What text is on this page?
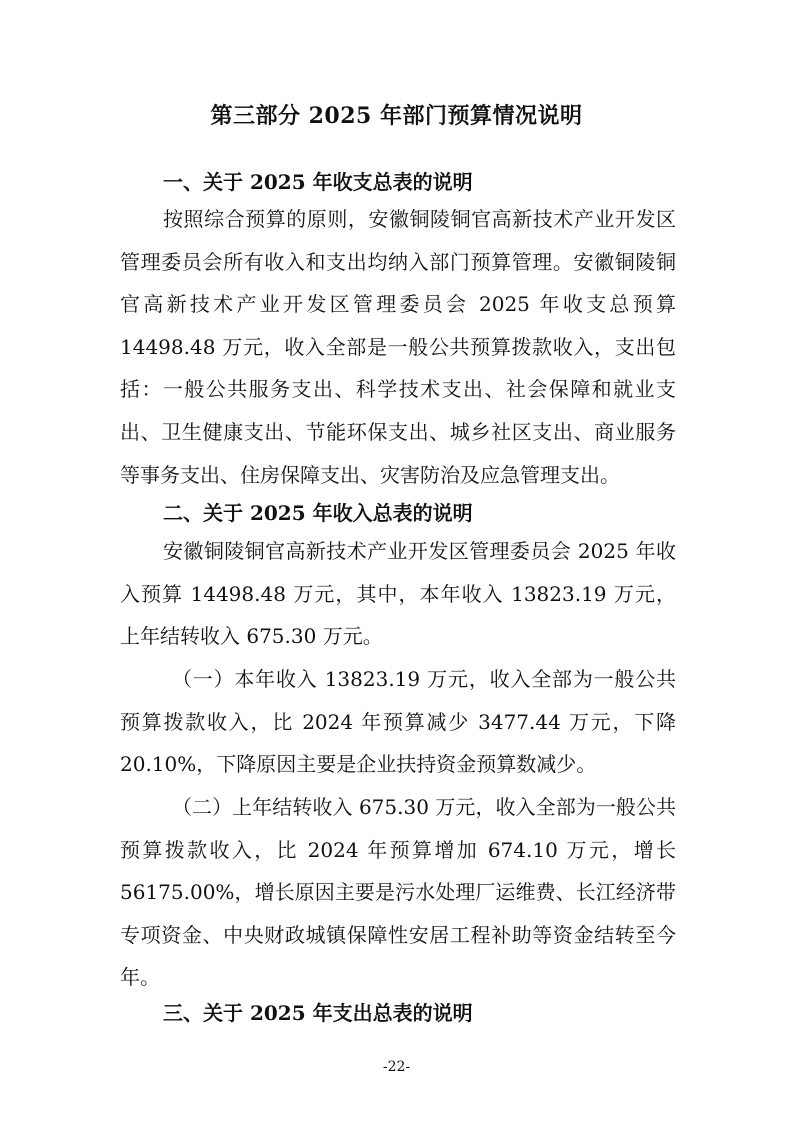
第三部分 2025 年部门预算情况说明
一、关于 2025 年收支总表的说明

按照综合预算的原则，安徽铜陵铜官高新技术产业开发区管理委员会所有收入和支出均纳入部门预算管理。安徽铜陵铜官高新技术产业开发区管理委员会 2025 年收支总预算 14498.48 万元，收入全部是一般公共预算拨款收入，支出包括：一般公共服务支出、科学技术支出、社会保障和就业支出、卫生健康支出、节能环保支出、城乡社区支出、商业服务等事务支出、住房保障支出、灾害防治及应急管理支出。

二、关于 2025 年收入总表的说明

安徽铜陵铜官高新技术产业开发区管理委员会 2025 年收入预算 14498.48 万元，其中，本年收入 13823.19 万元，上年结转收入 675.30 万元。

（一）本年收入 13823.19 万元，收入全部为一般公共预算拨款收入，比 2024 年预算减少 3477.44 万元，下降 20.10%，下降原因主要是企业扶持资金预算数减少。

（二）上年结转收入 675.30 万元，收入全部为一般公共预算拨款收入，比 2024 年预算增加 674.10 万元，增长 56175.00%，增长原因主要是污水处理厂运维费、长江经济带专项资金、中央财政城镇保障性安居工程补助等资金结转至今年。

三、关于 2025 年支出总表的说明
-22-
